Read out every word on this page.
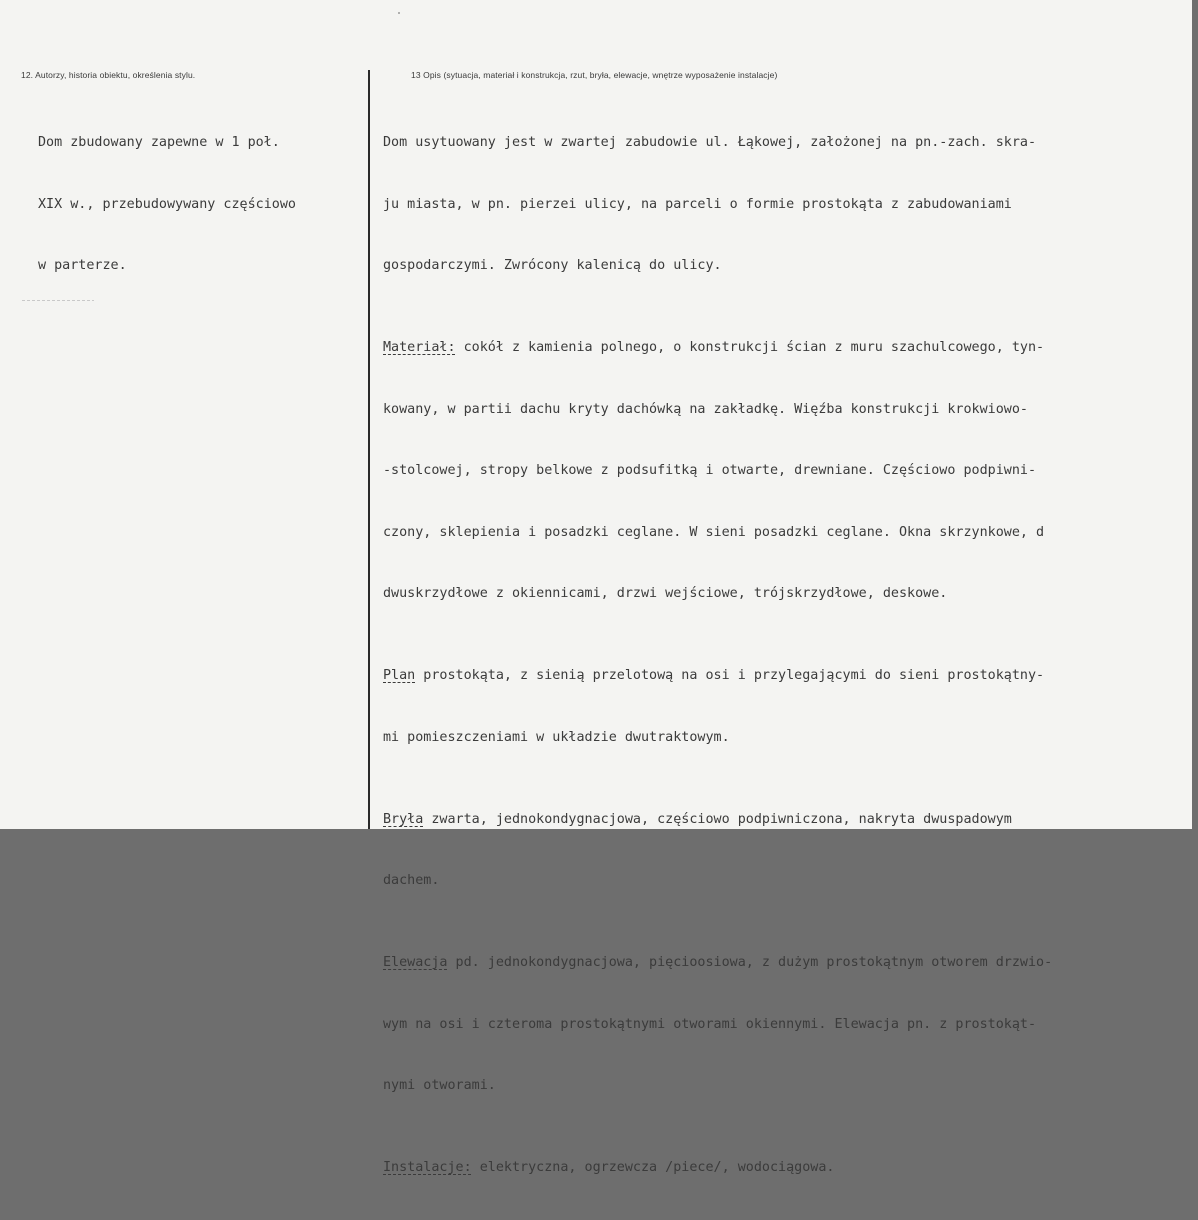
12. Autorzy, historia obiektu, określenia stylu.	13 Opis (sytuacja, materiał i konstrukcja, rzut, bryła, elewacje, wnętrze wyposażenie instalacje)

Dom zbudowany zapewne w 1 poł.

XIX w., przebudowywany częściowo

w parterze.

Dom usytuowany jest w zwartej zabudowie ul. Łąkowej, założonej na pn.-zach. skra-

ju miasta, w pn. pierzei ulicy, na parceli o formie prostokąta z zabudowaniami

gospodarczymi. Zwrócony kalenicą do ulicy.

Materiał: cokół z kamienia polnego, o konstrukcji ścian z muru szachulcowego, tyn-

kowany, w partii dachu kryty dachówką na zakładkę. Więźba konstrukcji krokwiowo-

-stolcowej, stropy belkowe z podsufitką i otwarte, drewniane. Częściowo podpiwni-

czony, sklepienia i posadzki ceglane. W sieni posadzki ceglane. Okna skrzynkowe, d

dwuskrzydłowe z okiennicami, drzwi wejściowe, trójskrzydłowe, deskowe.

Plan prostokąta, z sienią przelotową na osi i przylegającymi do sieni prostokątny-

mi pomieszczeniami w układzie dwutraktowym.

Bryła zwarta, jednokondygnacjowa, częściowo podpiwniczona, nakryta dwuspadowym

dachem.

Elewacja pd. jednokondygnacjowa, pięcioosiowa, z dużym prostokątnym otworem drzwio-

wym na osi i czteroma prostokątnymi otworami okiennymi. Elewacja pn. z prostokąt-

nymi otworami.

Instalacje: elektryczna, ogrzewcza /piece/, wodociągowa.
